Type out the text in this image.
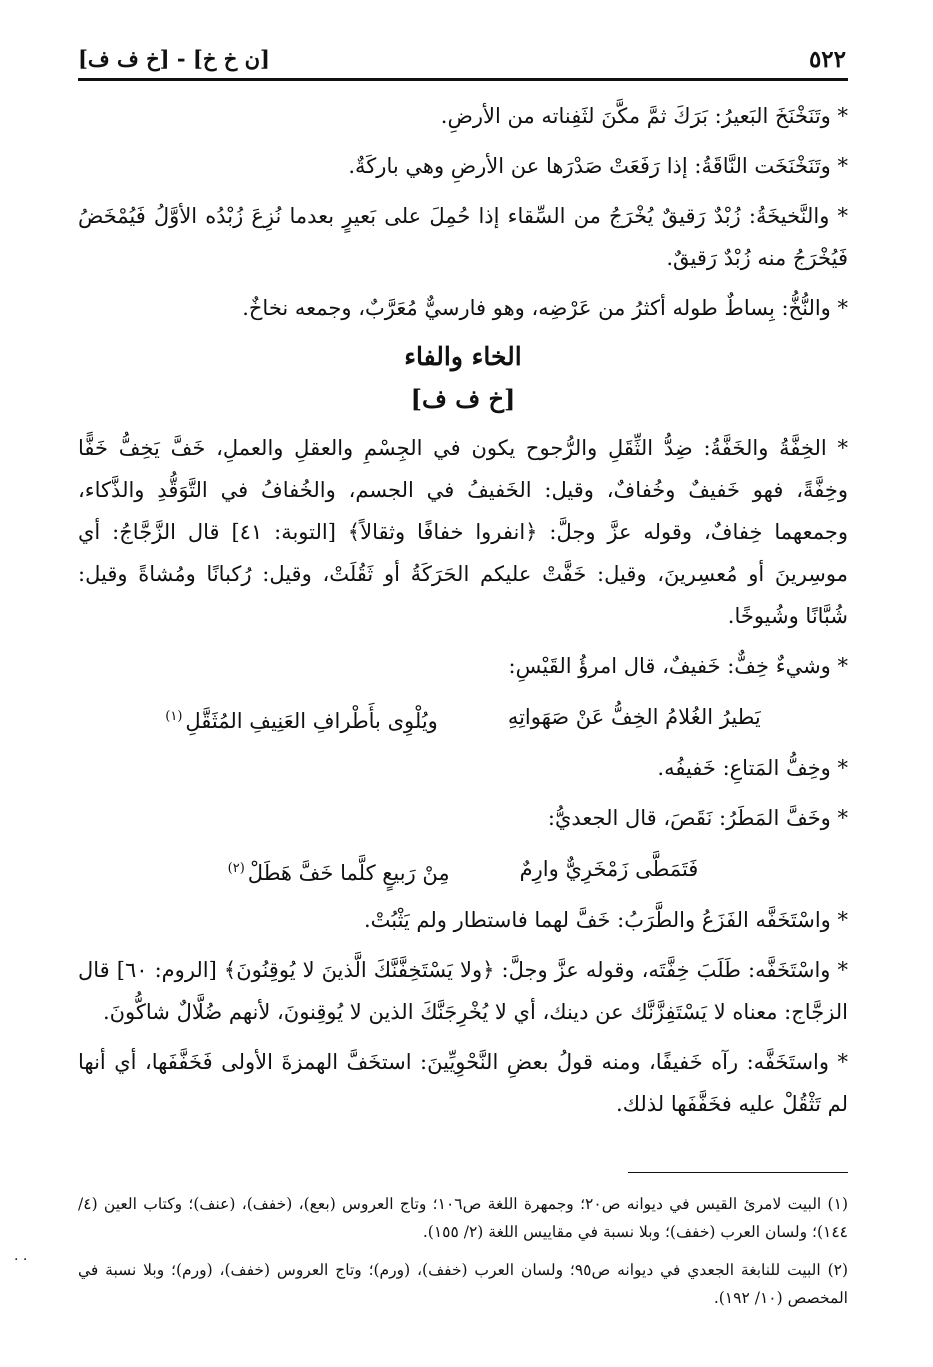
٥٢٢
[ن خ خ] - [خ ف ف]

* وتَنَخْنَخَ البَعيرُ: بَرَكَ ثمَّ مكَّنَ لثَفِناته من الأرضِ.

* وتَنَخْنَخَت النَّاقَةُ: إذا رَفَعَتْ صَدْرَها عن الأرضِ وهي باركَةٌ.

* والنَّخيخَةُ: زُبْدٌ رَقيقٌ يُخْرَجُ من السِّقاء إذا حُمِلَ على بَعيرٍ بعدما نُزِعَ زُبْدُه الأوَّلُ فَيُمْخَضُ فَيُخْرَجُ منه زُبْدٌ رَقيقٌ.

* والنُّخُّ: بِساطٌ طوله أكثرُ من عَرْضِه، وهو فارسيٌّ مُعَرَّبٌ، وجمعه نخاخٌ.

الخاء والفاء
[خ ف ف]

* الخِفَّةُ والخَفَّةُ: ضِدُّ الثِّقَلِ والرُّجوح يكون في الجِسْمِ والعقلِ والعملِ، خَفَّ يَخِفُّ خَفًّا وخِفَّةً، فهو خَفيفٌ وخُفافٌ، وقيل: الخَفيفُ في الجسم، والخُفافُ في التَّوَقُّدِ والذَّكاء، وجمعهما خِفافٌ، وقوله عزَّ وجلَّ: ﴿انفروا خفافًا وثقالاً﴾ [التوبة: ٤١] قال الزَّجَّاجُ: أي موسِرينَ أو مُعسِرينَ، وقيل: خَفَّتْ عليكم الحَرَكَةُ أو ثَقُلَتْ، وقيل: رُكبانًا ومُشاةً وقيل: شُبَّانًا وشُيوخًا.

* وشيءٌ خِفٌّ: خَفيفٌ، قال امرؤُ القَيْسِ:

يَطيرُ الغُلامُ الخِفُّ عَنْ صَهَواتِهِ
ويُلْوِى بأَطْرافِ العَنِيفِ المُثَقَّلِ$^{(١)}$

* وخِفُّ المَتاعِ: خَفيفُه.

* وخَفَّ المَطَرُ: نَقَصَ، قال الجعديُّ:

فَتَمَطَّى زَمْخَرِيٌّ وارِمٌ
مِنْ رَبيعٍ كلَّما خَفَّ هَطَلْ$^{(٢)}$

* واسْتَخَفَّه الفَزَعُ والطَّرَبُ: خَفَّ لهما فاستطار ولم يَثْبُتْ.

* واسْتَخَفَّه: طَلَبَ خِفَّتَه، وقوله عزَّ وجلَّ: ﴿ولا يَسْتَخِفَّنَّكَ الَّذينَ لا يُوقِنُونَ﴾ [الروم: ٦٠] قال الزجَّاج: معناه لا يَسْتَفِزَّنَّك عن دينك، أي لا يُخْرِجَنَّكَ الذين لا يُوقِنونَ، لأنهم ضُلَّالٌ شاكُّونَ.

* واستَخَفَّه: رآه خَفيفًا، ومنه قولُ بعضِ النَّحْوِيِّينَ: استخَفَّ الهمزةَ الأولى فَخَفَّفَها، أي أنها لم تَثْقُلْ عليه فخَفَّفَها لذلك.

(١) البيت لامرئ القيس في ديوانه ص٢٠؛ وجمهرة اللغة ص١٠٦؛ وتاج العروس (بعع)، (خفف)، (عنف)؛ وكتاب العين (٤/ ١٤٤)؛ ولسان العرب (خفف)؛ وبلا نسبة في مقاييس اللغة (٢/ ١٥٥).

(٢) البيت للنابغة الجعدي في ديوانه ص٩٥؛ ولسان العرب (خفف)، (ورم)؛ وتاج العروس (خفف)، (ورم)؛ وبلا نسبة في المخصص (١٠/ ١٩٢).

. .
